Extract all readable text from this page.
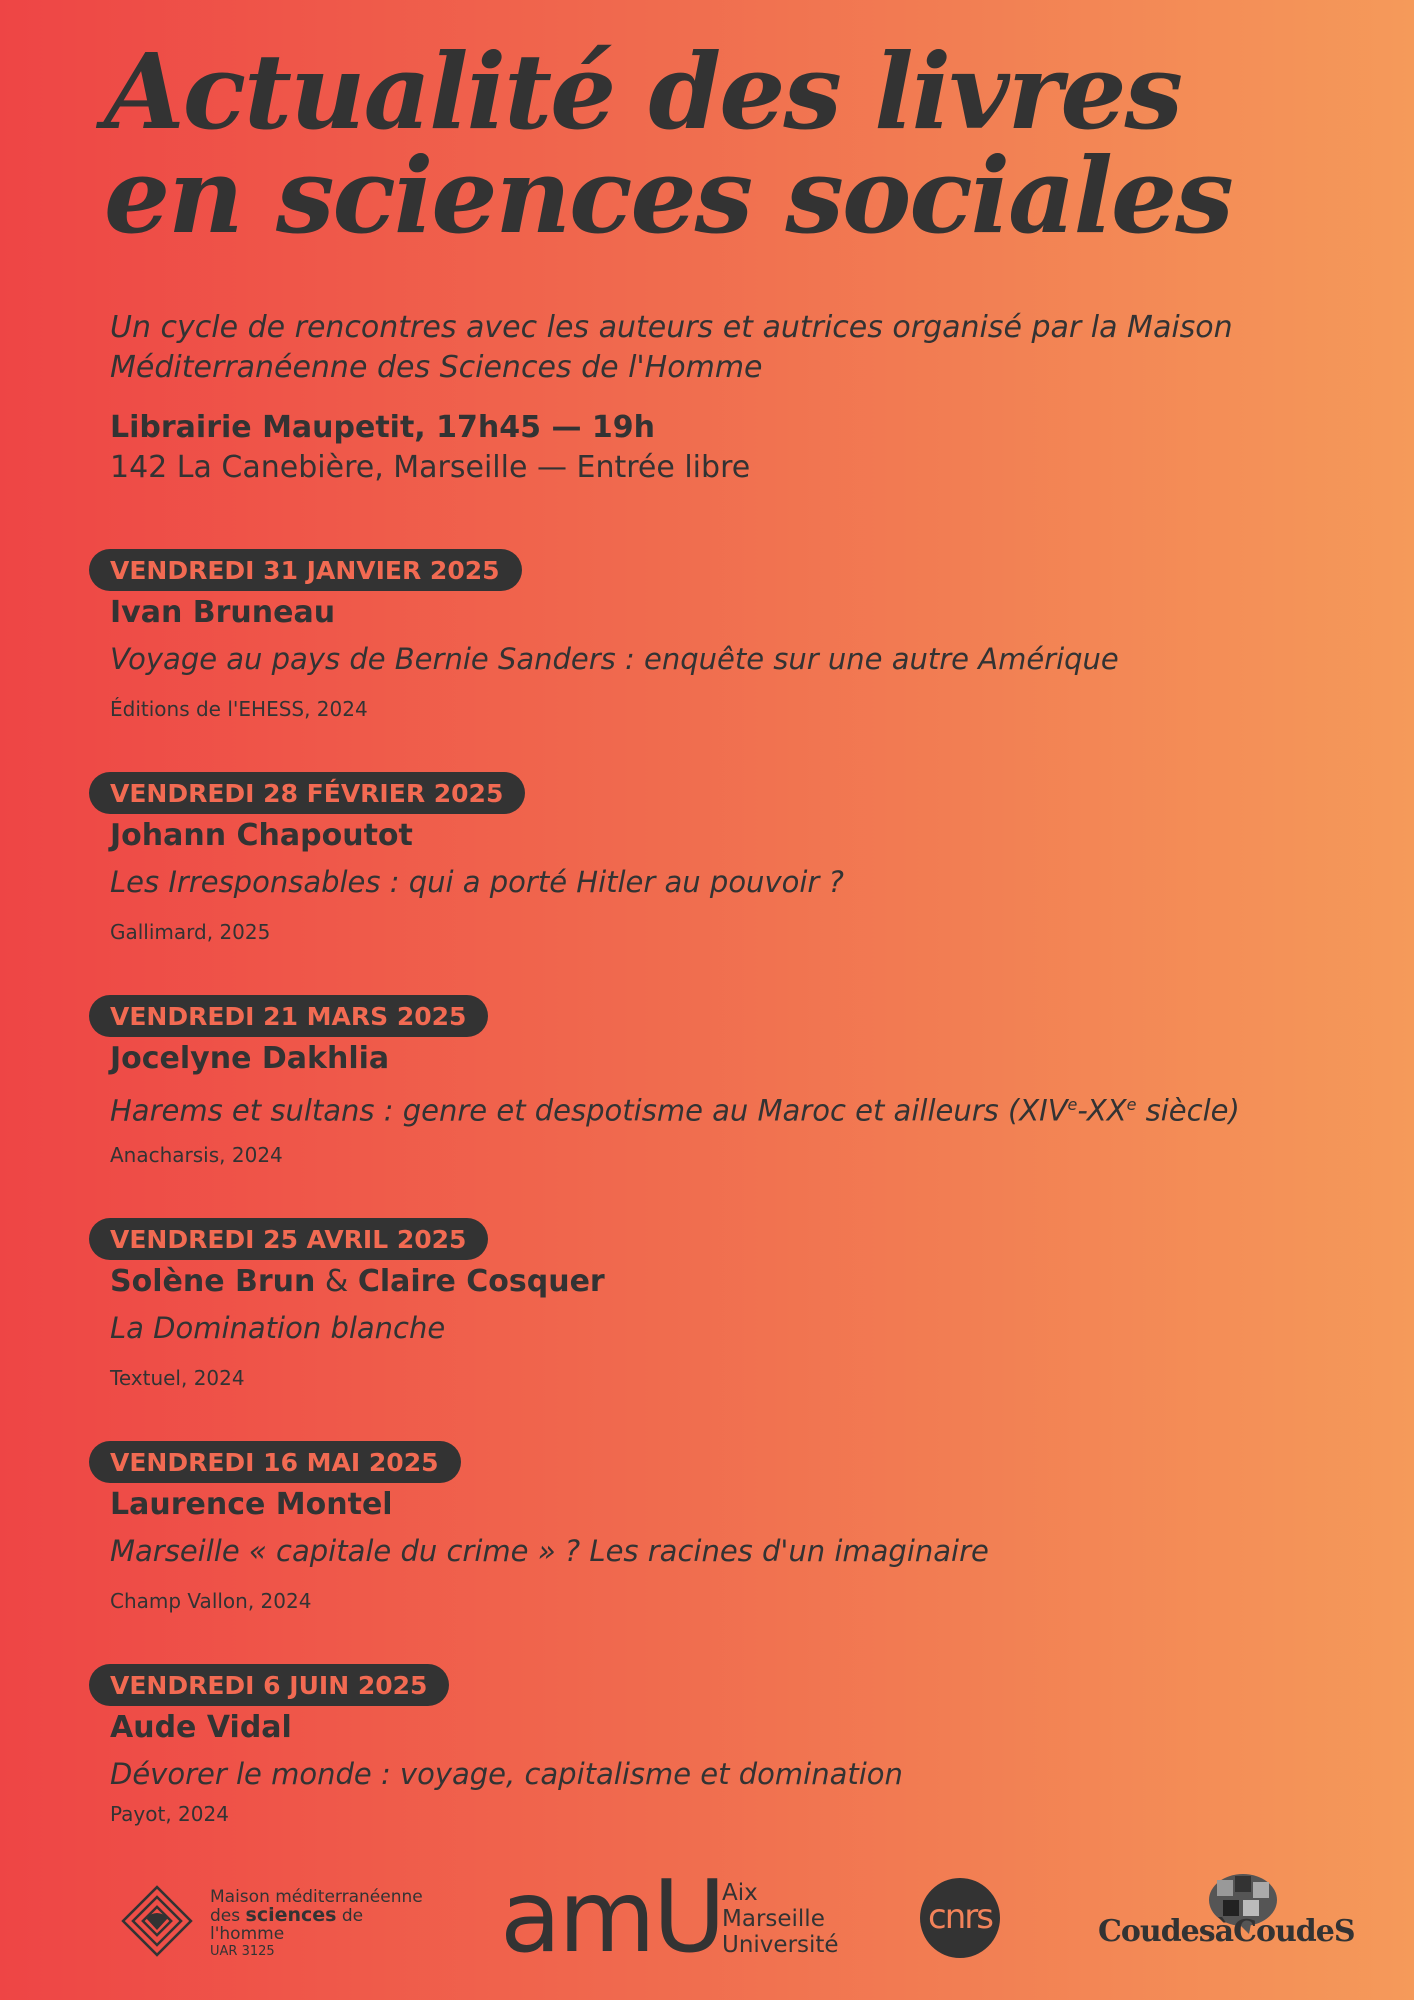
Actualité des livres en sciences sociales
Un cycle de rencontres avec les auteurs et autrices organisé par la Maison Méditerranéenne des Sciences de l'Homme
Librairie Maupetit, 17h45 — 19h
142 La Canebière, Marseille — Entrée libre
VENDREDI 31 JANVIER 2025
Ivan Bruneau
Voyage au pays de Bernie Sanders : enquête sur une autre Amérique
Éditions de l'EHESS, 2024
VENDREDI 28 FÉVRIER 2025
Johann Chapoutot
Les Irresponsables : qui a porté Hitler au pouvoir ?
Gallimard, 2025
VENDREDI 21 MARS 2025
Jocelyne Dakhlia
Harems et sultans : genre et despotisme au Maroc et ailleurs (XIVe-XXe siècle)
Anacharsis, 2024
VENDREDI 25 AVRIL 2025
Solène Brun & Claire Cosquer
La Domination blanche
Textuel, 2024
VENDREDI 16 MAI 2025
Laurence Montel
Marseille « capitale du crime » ? Les racines d'un imaginaire
Champ Vallon, 2024
VENDREDI 6 JUIN 2025
Aude Vidal
Dévorer le monde : voyage, capitalisme et domination
Payot, 2024
Maison méditerranéenne
des sciences de l'homme
UAR 3125	amU Aix
Marseille
Université
cnrs	CoudesàCoudeS
